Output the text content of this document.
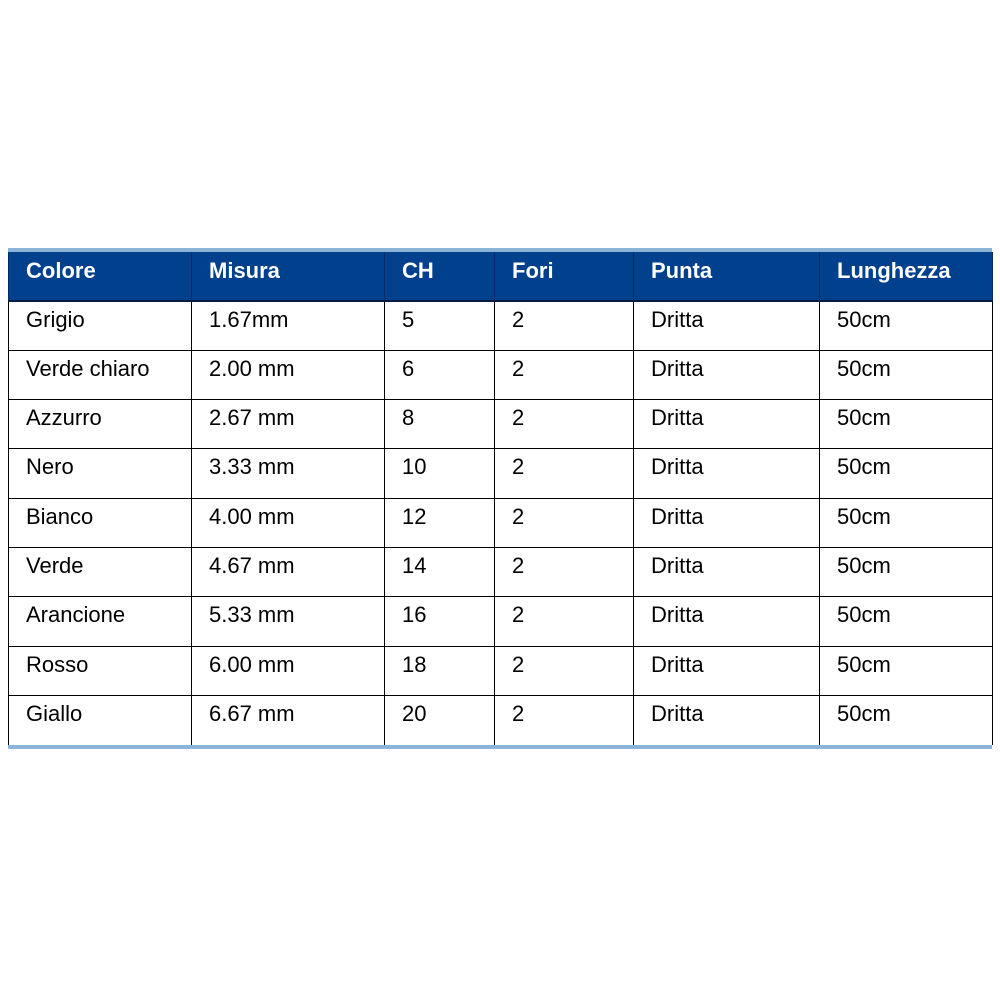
Colore	Misura	CH	Fori	Punta	Lunghezza
Grigio	1.67mm	5	2	Dritta	50cm
Verde chiaro	2.00 mm	6	2	Dritta	50cm
Azzurro	2.67 mm	8	2	Dritta	50cm
Nero	3.33 mm	10	2	Dritta	50cm
Bianco	4.00 mm	12	2	Dritta	50cm
Verde	4.67 mm	14	2	Dritta	50cm
Arancione	5.33 mm	16	2	Dritta	50cm
Rosso	6.00 mm	18	2	Dritta	50cm
Giallo	6.67 mm	20	2	Dritta	50cm
